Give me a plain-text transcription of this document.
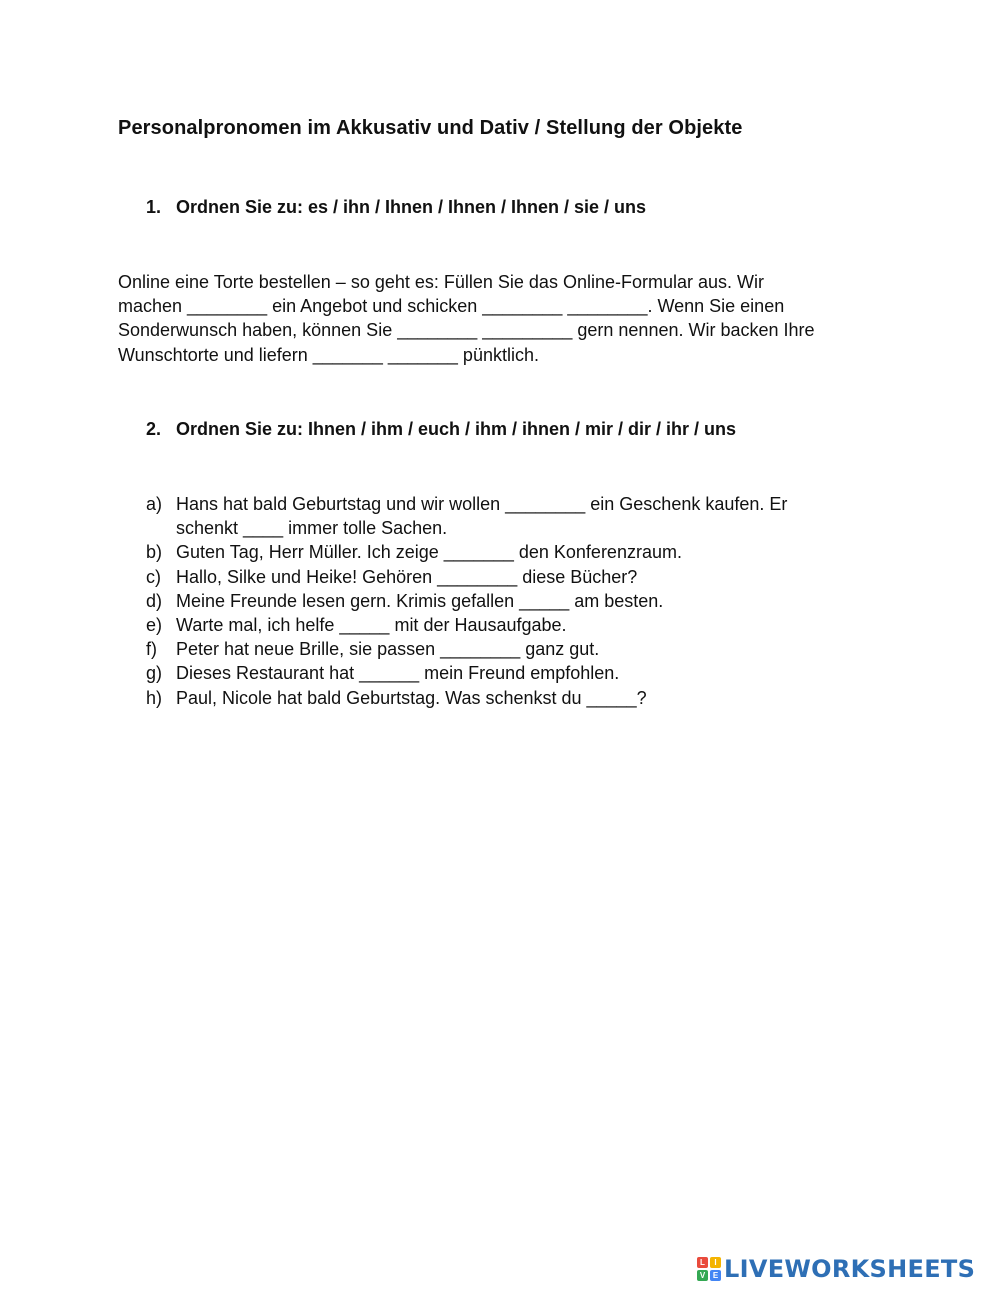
Personalpronomen im Akkusativ und Dativ / Stellung der Objekte
1. Ordnen Sie zu: es / ihn / Ihnen / Ihnen / Ihnen / sie / uns
Online eine Torte bestellen – so geht es: Füllen Sie das Online-Formular aus. Wir
machen ________ ein Angebot und schicken ________ ________. Wenn Sie einen
Sonderwunsch haben, können Sie ________ _________ gern nennen. Wir backen Ihre
Wunschtorte und liefern _______ _______ pünktlich.
2. Ordnen Sie zu: Ihnen / ihm / euch / ihm / ihnen / mir / dir / ihr / uns
a) Hans hat bald Geburtstag und wir wollen ________ ein Geschenk kaufen. Er
schenkt ____ immer tolle Sachen.
b) Guten Tag, Herr Müller. Ich zeige _______ den Konferenzraum.
c) Hallo, Silke und Heike! Gehören ________ diese Bücher?
d) Meine Freunde lesen gern. Krimis gefallen _____ am besten.
e) Warte mal, ich helfe _____ mit der Hausaufgabe.
f)	Peter hat neue Brille, sie passen ________ ganz gut.
g) Dieses Restaurant hat ______ mein Freund empfohlen.
h) Paul, Nicole hat bald Geburtstag. Was schenkst du _____?
L	I
V E LIVEWORKSHEETS
